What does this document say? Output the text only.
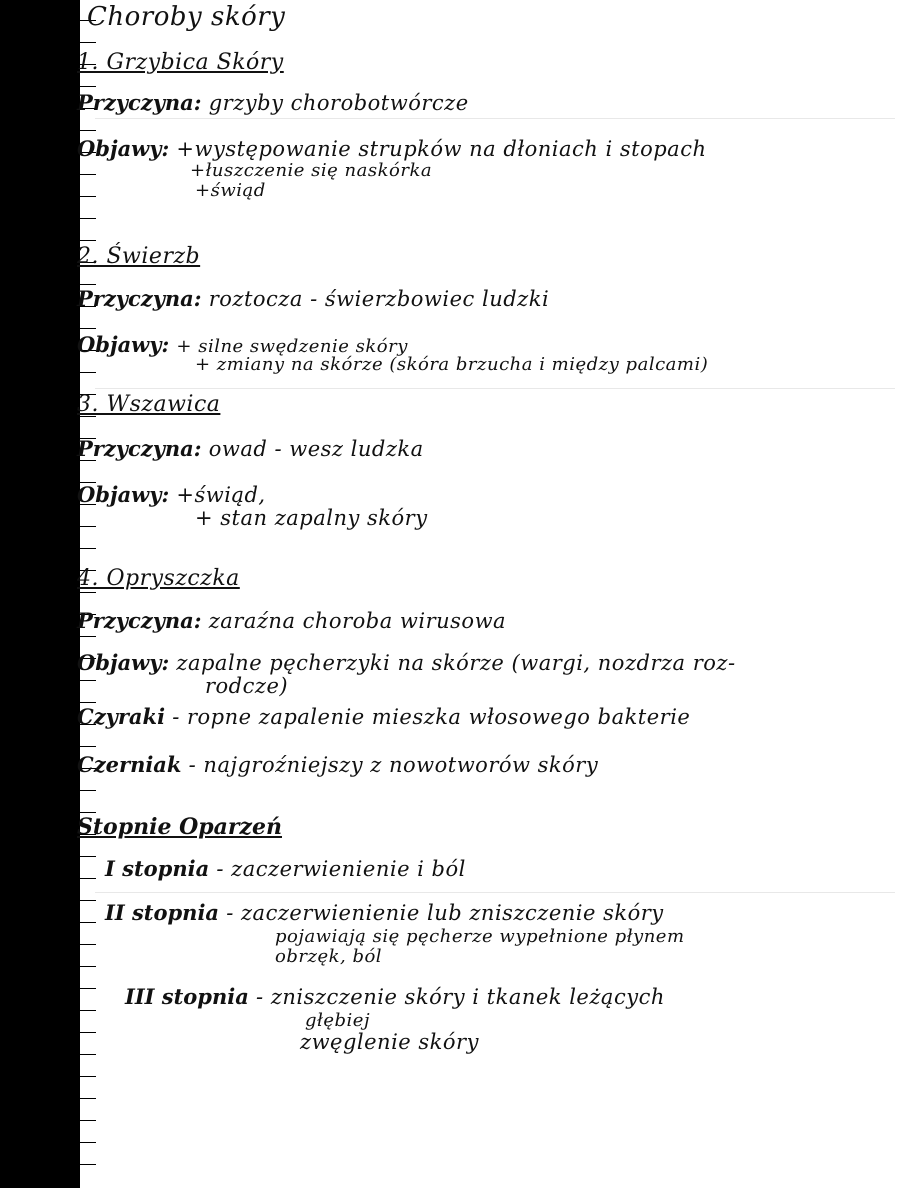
Choroby skóry
1. Grzybica Skóry
Przyczyna: grzyby chorobotwórcze
Objawy: +występowanie strupków na dłoniach i stopach
+łuszczenie się naskórka
+świąd
2. Świerzb
Przyczyna: roztocza - świerzbowiec ludzki
Objawy: + silne swędzenie skóry
+ zmiany na skórze (skóra brzucha i między palcami)
3. Wszawica
Przyczyna: owad - wesz ludzka
Objawy: +świąd,
+ stan zapalny skóry
4. Opryszczka
Przyczyna: zaraźna choroba wirusowa
Objawy: zapalne pęcherzyki na skórze (wargi, nozdrza roz-
rodcze)
Czyraki - ropne zapalenie mieszka włosowego bakterie
Czerniak - najgroźniejszy z nowotworów skóry
Stopnie Oparzeń
I stopnia - zaczerwienienie i ból
II stopnia - zaczerwienienie lub zniszczenie skóry
pojawiają się pęcherze wypełnione płynem
obrzęk, ból
III stopnia - zniszczenie skóry i tkanek leżących
głębiej
zwęglenie skóry
